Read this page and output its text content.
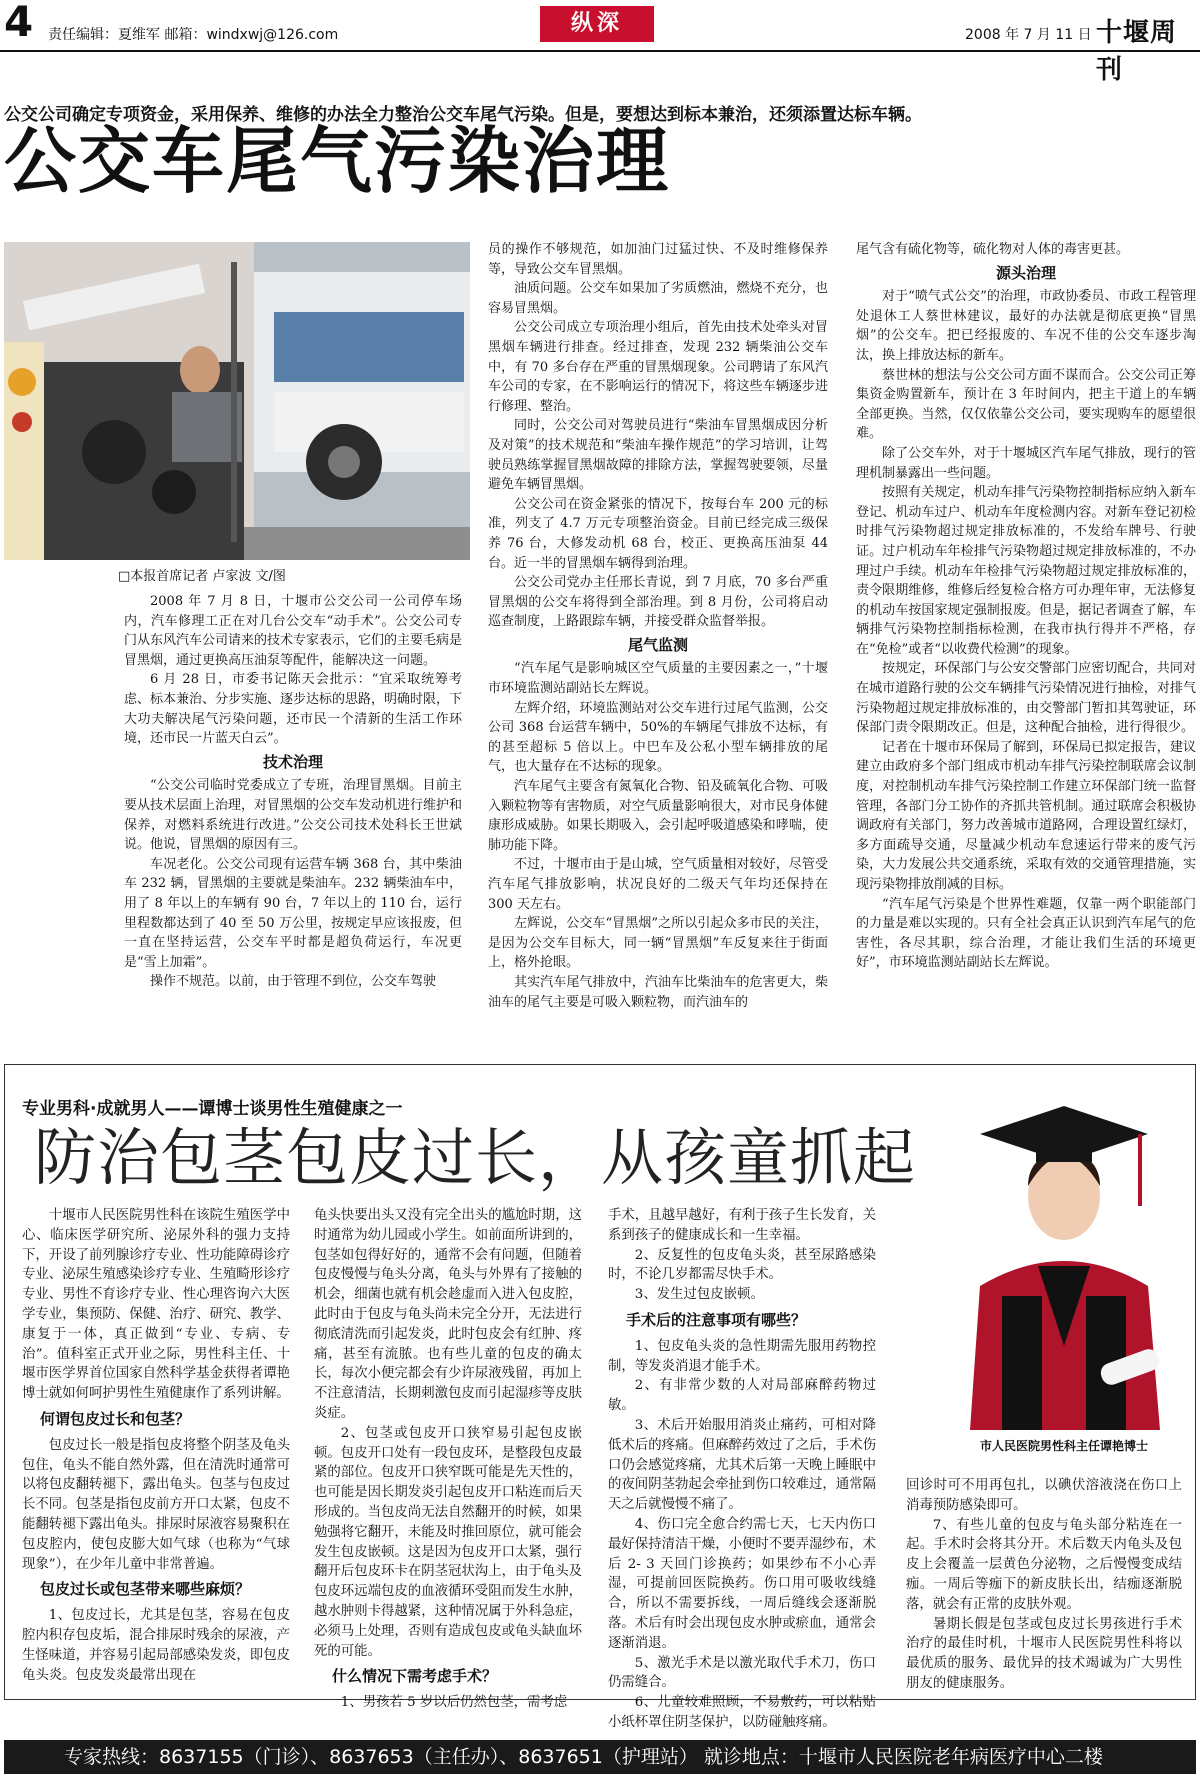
4 责任编辑：夏维军 邮箱：windxwj@126.com	纵深	2008 年 7 月 11 日 十堰周刊
公交公司确定专项资金，采用保养、维修的办法全力整治公交车尾气污染。但是，要想达到标本兼治，还须添置达标车辆。
公交车尾气污染治理
□本报首席记者 卢家波 文/图

2008 年 7 月 8 日，十堰市公交公司一公司停车场内，汽车修理工正在对几台公交车“动手术”。公交公司专门从东风汽车公司请来的技术专家表示，它们的主要毛病是冒黑烟，通过更换高压油泵等配件，能解决这一问题。

6 月 28 日，市委书记陈天会批示：“宜采取统筹考虑、标本兼治、分步实施、逐步达标的思路，明确时限，下大功夫解决尾气污染问题，还市民一个清新的生活工作环境，还市民一片蓝天白云”。

技术治理

“公交公司临时党委成立了专班，治理冒黑烟。目前主要从技术层面上治理，对冒黑烟的公交车发动机进行维护和保养，对燃料系统进行改进。”公交公司技术处科长王世斌说。他说，冒黑烟的原因有三。

车况老化。公交公司现有运营车辆 368 台，其中柴油车 232 辆，冒黑烟的主要就是柴油车。232 辆柴油车中，用了 8 年以上的车辆有 90 台，7 年以上的 110 台，运行里程数都达到了 40 至 50 万公里，按规定早应该报废，但一直在坚持运营，公交车平时都是超负荷运行，车况更是“雪上加霜”。

操作不规范。以前，由于管理不到位，公交车驾驶

员的操作不够规范，如加油门过猛过快、不及时维修保养等，导致公交车冒黑烟。

油质问题。公交车如果加了劣质燃油，燃烧不充分，也容易冒黑烟。

公交公司成立专项治理小组后，首先由技术处牵头对冒黑烟车辆进行排查。经过排查，发现 232 辆柴油公交车中，有 70 多台存在严重的冒黑烟现象。公司聘请了东风汽车公司的专家，在不影响运行的情况下，将这些车辆逐步进行修理、整治。

同时，公交公司对驾驶员进行“柴油车冒黑烟成因分析及对策”的技术规范和“柴油车操作规范”的学习培训，让驾驶员熟练掌握冒黑烟故障的排除方法，掌握驾驶要领，尽量避免车辆冒黑烟。

公交公司在资金紧张的情况下，按每台车 200 元的标准，列支了 4.7 万元专项整治资金。目前已经完成三级保养 76 台，大修发动机 68 台，校正、更换高压油泵 44 台。近一半的冒黑烟车辆得到治理。

公交公司党办主任邢长青说，到 7 月底，70 多台严重冒黑烟的公交车将得到全部治理。到 8 月份，公司将启动巡查制度，上路跟踪车辆，并接受群众监督举报。

尾气监测

“汽车尾气是影响城区空气质量的主要因素之一，”十堰市环境监测站副站长左辉说。

左辉介绍，环境监测站对公交车进行过尾气监测，公交公司 368 台运营车辆中，50%的车辆尾气排放不达标，有的甚至超标 5 倍以上。中巴车及公私小型车辆排放的尾气，也大量存在不达标的现象。

汽车尾气主要含有氮氧化合物、铅及硫氧化合物、可吸入颗粒物等有害物质，对空气质量影响很大，对市民身体健康形成威胁。如果长期吸入，会引起呼吸道感染和哮喘，使肺功能下降。

不过，十堰市由于是山城，空气质量相对较好，尽管受汽车尾气排放影响，状况良好的二级天气年均还保持在 300 天左右。

左辉说，公交车“冒黑烟”之所以引起众多市民的关注，是因为公交车目标大，同一辆“冒黑烟”车反复来往于街面上，格外抢眼。

其实汽车尾气排放中，汽油车比柴油车的危害更大，柴油车的尾气主要是可吸入颗粒物，而汽油车的

尾气含有硫化物等，硫化物对人体的毒害更甚。

源头治理

对于“喷气式公交”的治理，市政协委员、市政工程管理处退休工人蔡世林建议，最好的办法就是彻底更换“冒黑烟”的公交车。把已经报废的、车况不佳的公交车逐步淘汰，换上排放达标的新车。

蔡世林的想法与公交公司方面不谋而合。公交公司正筹集资金购置新车，预计在 3 年时间内，把主干道上的车辆全部更换。当然，仅仅依靠公交公司，要实现购车的愿望很难。

除了公交车外，对于十堰城区汽车尾气排放，现行的管理机制暴露出一些问题。

按照有关规定，机动车排气污染物控制指标应纳入新车登记、机动车过户、机动车年度检测内容。对新车登记初检时排气污染物超过规定排放标准的，不发给车牌号、行驶证。过户机动车年检排气污染物超过规定排放标准的，不办理过户手续。机动车年检排气污染物超过规定排放标准的，责令限期维修，维修后经复检合格方可办理年审，无法修复的机动车按国家规定强制报废。但是，据记者调查了解，车辆排气污染物控制指标检测，在我市执行得并不严格，存在“免检”或者“以收费代检测”的现象。

按规定，环保部门与公安交警部门应密切配合，共同对在城市道路行驶的公交车辆排气污染情况进行抽检，对排气污染物超过规定排放标准的，由交警部门暂扣其驾驶证，环保部门责令限期改正。但是，这种配合抽检，进行得很少。

记者在十堰市环保局了解到，环保局已拟定报告，建议建立由政府多个部门组成市机动车排气污染控制联席会议制度，对控制机动车排气污染控制工作建立环保部门统一监督管理，各部门分工协作的齐抓共管机制。通过联席会积极协调政府有关部门，努力改善城市道路网，合理设置红绿灯，多方面疏导交通，尽量减少机动车怠速运行带来的废气污染，大力发展公共交通系统，采取有效的交通管理措施，实现污染物排放削减的目标。

“汽车尾气污染是个世界性难题，仅靠一两个职能部门的力量是难以实现的。只有全社会真正认识到汽车尾气的危害性，各尽其职，综合治理，才能让我们生活的环境更好”，市环境监测站副站长左辉说。

专业男科·成就男人——谭博士谈男性生殖健康之一
防治包茎包皮过长，从孩童抓起
市人民医院男性科主任谭艳博士

十堰市人民医院男性科在该院生殖医学中心、临床医学研究所、泌尿外科的强力支持下，开设了前列腺诊疗专业、性功能障碍诊疗专业、泌尿生殖感染诊疗专业、生殖畸形诊疗专业、男性不育诊疗专业、性心理咨询六大医学专业，集预防、保健、治疗、研究、教学、康复于一体，真正做到“专业、专病、专治”。值科室正式开业之际，男性科主任、十堰市医学界首位国家自然科学基金获得者谭艳博士就如何呵护男性生殖健康作了系列讲解。

何谓包皮过长和包茎？

包皮过长一般是指包皮将整个阴茎及龟头包住，龟头不能自然外露，但在清洗时通常可以将包皮翻转褪下，露出龟头。包茎与包皮过长不同。包茎是指包皮前方开口太紧，包皮不能翻转褪下露出龟头。排尿时尿液容易聚积在包皮腔内，使包皮膨大如气球（也称为“气球现象”），在少年儿童中非常普遍。

包皮过长或包茎带来哪些麻烦？

1、包皮过长，尤其是包茎，容易在包皮腔内积存包皮垢，混合排尿时残余的尿液，产生怪味道，并容易引起局部感染发炎，即包皮龟头炎。包皮发炎最常出现在

龟头快要出头又没有完全出头的尴尬时期，这时通常为幼儿园或小学生。如前面所讲到的，包茎如包得好好的，通常不会有问题，但随着包皮慢慢与龟头分离，龟头与外界有了接触的机会，细菌也就有机会趁虚而入进入包皮腔，此时由于包皮与龟头尚未完全分开，无法进行彻底清洗而引起发炎，此时包皮会有红肿、疼痛，甚至有流脓。也有些儿童的包皮的确太长，每次小便完都会有少许尿液残留，再加上不注意清洁，长期刺激包皮而引起湿疹等皮肤炎症。

2、包茎或包皮开口狭窄易引起包皮嵌顿。包皮开口处有一段包皮环，是整段包皮最紧的部位。包皮开口狭窄既可能是先天性的，也可能是因长期发炎引起包皮开口粘连而后天形成的。当包皮尚无法自然翻开的时候，如果勉强将它翻开，未能及时推回原位，就可能会发生包皮嵌顿。这是因为包皮开口太紧，强行翻开后包皮环卡在阴茎冠状沟上，由于龟头及包皮环远端包皮的血液循环受阻而发生水肿，越水肿则卡得越紧，这种情况属于外科急症，必须马上处理，否则有造成包皮或龟头缺血坏死的可能。

什么情况下需考虑手术？

1、男孩若 5 岁以后仍然包茎，需考虑

手术，且越早越好，有利于孩子生长发育，关系到孩子的健康成长和一生幸福。

2、反复性的包皮龟头炎，甚至尿路感染时，不论几岁都需尽快手术。

3、发生过包皮嵌顿。

手术后的注意事项有哪些？

1、包皮龟头炎的急性期需先服用药物控制，等发炎消退才能手术。

2、有非常少数的人对局部麻醉药物过敏。

3、术后开始服用消炎止痛药，可相对降低术后的疼痛。但麻醉药效过了之后，手术伤口仍会感觉疼痛，尤其术后第一天晚上睡眠中的夜间阴茎勃起会牵扯到伤口较难过，通常隔天之后就慢慢不痛了。

4、伤口完全愈合约需七天，七天内伤口最好保持清洁干燥，小便时不要弄湿纱布，术后 2- 3 天回门诊换药；如果纱布不小心弄湿，可提前回医院换药。伤口用可吸收线缝合，所以不需要拆线，一周后缝线会逐渐脱落。术后有时会出现包皮水肿或瘀血，通常会逐渐消退。

5、激光手术是以激光取代手术刀，伤口仍需缝合。

6、儿童较难照顾，不易敷药，可以粘贴小纸杯罩住阴茎保护，以防碰触疼痛。

回诊时可不用再包扎，以碘伏溶液浇在伤口上消毒预防感染即可。

7、有些儿童的包皮与龟头部分粘连在一起。手术时会将其分开。术后数天内龟头及包皮上会覆盖一层黄色分泌物，之后慢慢变成结痂。一周后等痂下的新皮肤长出，结痂逐渐脱落，就会有正常的皮肤外观。

暑期长假是包茎或包皮过长男孩进行手术治疗的最佳时机，十堰市人民医院男性科将以最优质的服务、最优异的技术竭诚为广大男性朋友的健康服务。

专家热线：8637155（门诊）、8637653（主任办）、8637651（护理站） 就诊地点：十堰市人民医院老年病医疗中心二楼
